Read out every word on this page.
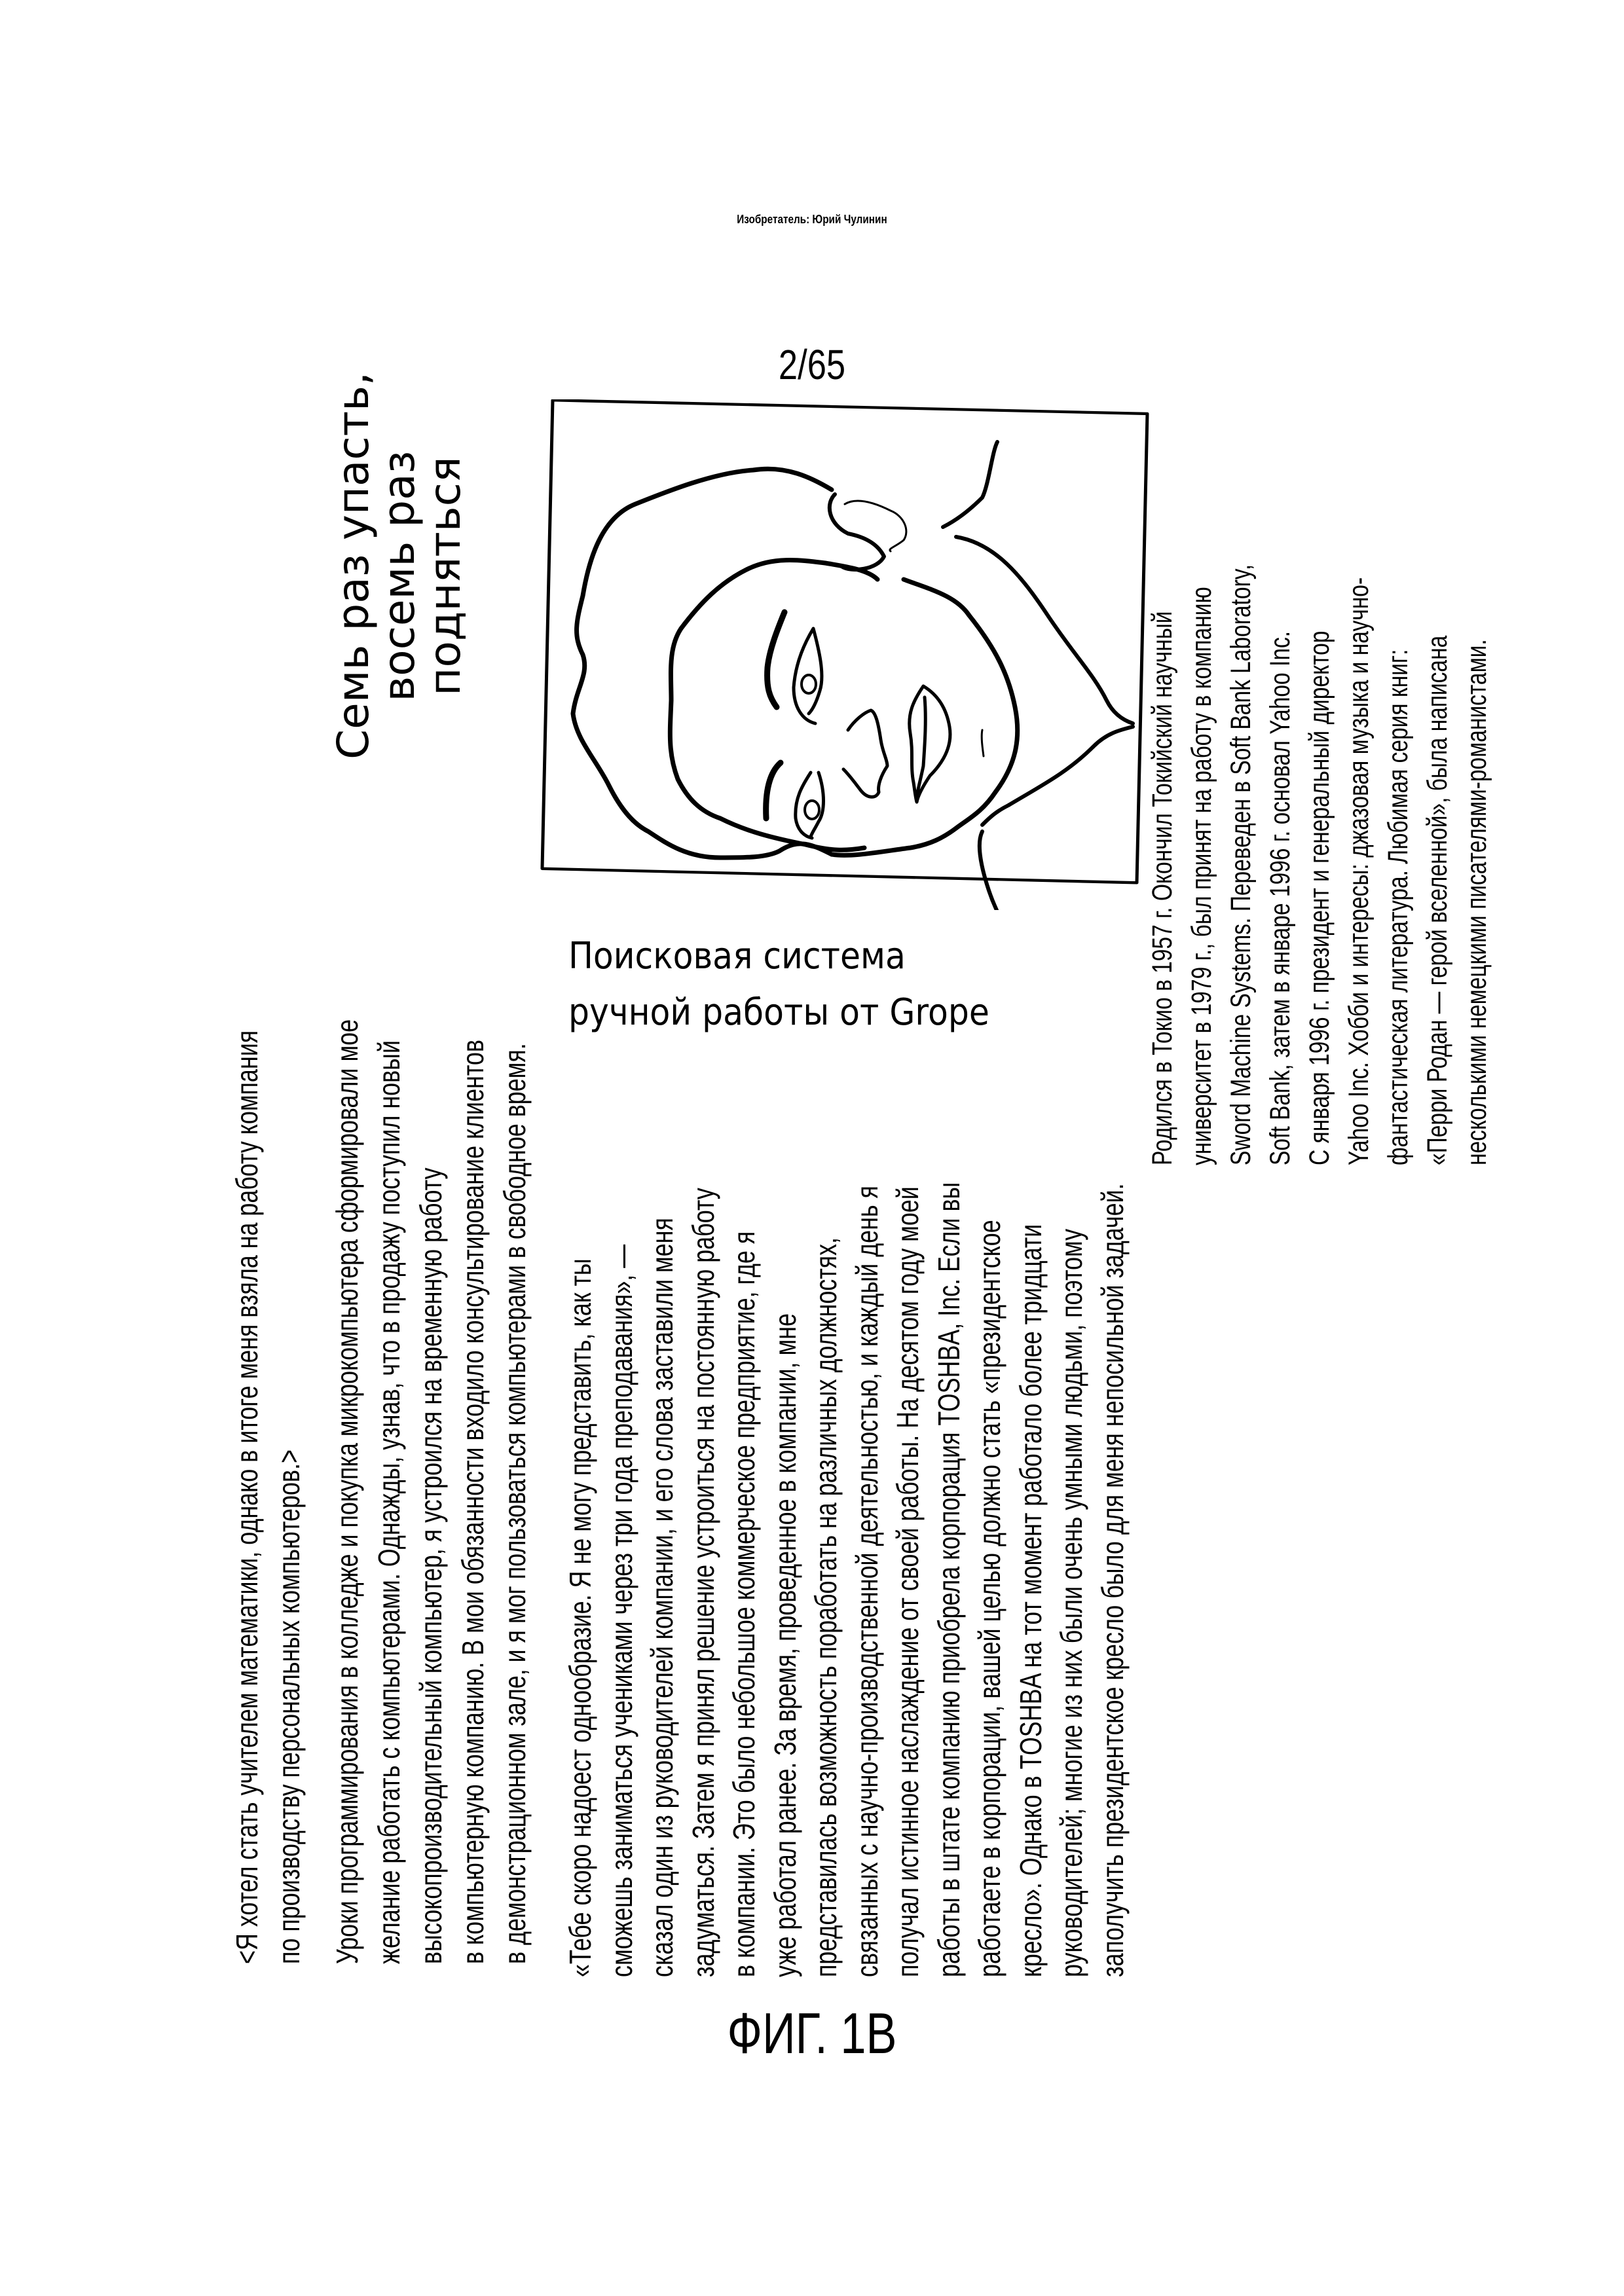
Изобретатель: Юрий Чулинин
2/65
<Я хотел стать учителем математики, однако в итоге меня взяла на работу компания по производству персональных компьютеров.> Уроки программирования в колледже и покупка микрокомпьютера сформировали мое желание работать с компьютерами. Однажды, узнав, что в продажу поступил новый высокопроизводительный компьютер, я устроился на временную работу в компьютерную компанию. В мои обязанности входило консультирование клиентов в демонстрационном зале, и я мог пользоваться компьютерами в свободное время. «Тебе скоро надоест однообразие. Я не могу представить, как ты сможешь заниматься учениками через три года преподавания», — сказал один из руководителей компании, и его слова заставили меня задуматься. Затем я принял решение устроиться на постоянную работу в компании. Это было небольшое коммерческое предприятие, где я уже работал ранее. За время, проведенное в компании, мне представилась возможность поработать на различных должностях, связанных с научно-производственной деятельностью, и каждый день я получал истинное наслаждение от своей работы. На десятом году моей работы в штате компанию приобрела корпорация TOSHBA, Inc. Если вы работаете в корпорации, вашей целью должно стать «президентское кресло». Однако в TOSHBA на тот момент работало более тридцати руководителей; многие из них были очень умными людьми, поэтому заполучить президентское кресло было для меня непосильной задачей.
Семь раз упасть,
восемь раз
подняться
Поисковая система
ручной работы от Grope	Родился в Токио в 1957 г. Окончил Токийский научный университет в 1979 г., был принят на работу в компанию Sword Machine Systems. Переведен в Soft Bank Laboratory, Soft Bank, затем в январе 1996 г. основал Yahoo Inc. С января 1996 г. президент и генеральный директор Yahoo Inc. Хобби и интересы: джазовая музыка и научно- фантастическая литература. Любимая серия книг: «Перри Родан — герой вселенной», была написана несколькими немецкими писателями-романистами.
ФИГ. 1B
